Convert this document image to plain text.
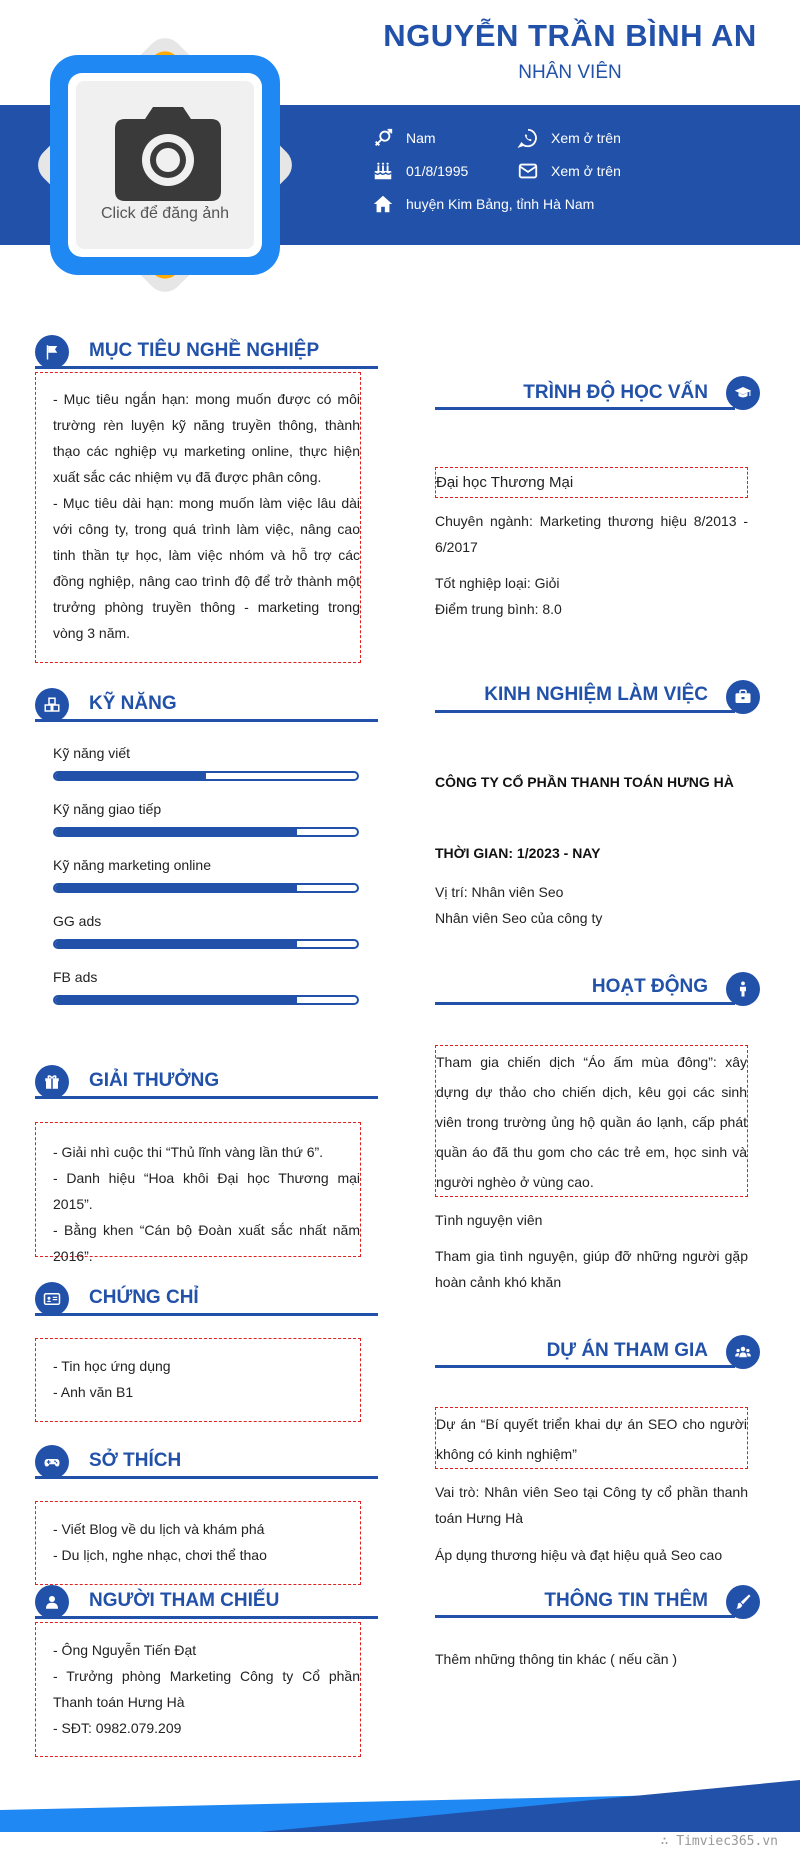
NGUYỄN TRẦN BÌNH AN
NHÂN VIÊN
Nam	Xem ở trên
01/8/1995	Xem ở trên
huyện Kim Bảng, tỉnh Hà Nam
Click để đăng ảnh
MỤC TIÊU NGHỀ NGHIỆP

- Mục tiêu ngắn hạn: mong muốn được có môi trường rèn luyện kỹ năng truyền thông, thành thạo các nghiệp vụ marketing online, thực hiện xuất sắc các nhiệm vụ đã được phân công.

- Mục tiêu dài hạn: mong muốn làm việc lâu dài với công ty, trong quá trình làm việc, nâng cao tinh thần tự học, làm việc nhóm và hỗ trợ các đồng nghiệp, nâng cao trình độ để trở thành một trưởng phòng truyền thông - marketing trong vòng 3 năm.

KỸ NĂNG
Kỹ năng viết
Kỹ năng giao tiếp
Kỹ năng marketing online
GG ads
FB ads
GIẢI THƯỞNG

- Giải nhì cuộc thi “Thủ lĩnh vàng lần thứ 6”.

- Danh hiệu “Hoa khôi Đại học Thương mại 2015”.

- Bằng khen “Cán bộ Đoàn xuất sắc nhất năm 2016”.

CHỨNG CHỈ

- Tin học ứng dụng

- Anh văn B1

SỞ THÍCH

- Viết Blog về du lịch và khám phá

- Du lịch, nghe nhạc, chơi thể thao

NGƯỜI THAM CHIẾU

- Ông Nguyễn Tiến Đạt

- Trưởng phòng Marketing Công ty Cổ phần Thanh toán Hưng Hà

- SĐT: 0982.079.209

TRÌNH ĐỘ HỌC VẤN
Đại học Thương Mại
Chuyên ngành: Marketing thương hiệu 8/2013 - 6/2017
Tốt nghiệp loại: Giỏi
Điểm trung bình: 8.0
KINH NGHIỆM LÀM VIỆC
CÔNG TY CỔ PHẦN THANH TOÁN HƯNG HÀ
THỜI GIAN: 1/2023 - NAY
Vị trí: Nhân viên Seo
Nhân viên Seo của công ty
HOẠT ĐỘNG
Tham gia chiến dịch “Áo ấm mùa đông”: xây dựng dự thảo cho chiến dịch, kêu gọi các sinh viên trong trường ủng hộ quần áo lạnh, cấp phát quần áo đã thu gom cho các trẻ em, học sinh và người nghèo ở vùng cao.
Tình nguyện viên
Tham gia tình nguyện, giúp đỡ những người gặp hoàn cảnh khó khăn
DỰ ÁN THAM GIA
Dự án “Bí quyết triển khai dự án SEO cho người không có kinh nghiệm”
Vai trò: Nhân viên Seo tại Công ty cổ phần thanh toán Hưng Hà
Áp dụng thương hiệu và đạt hiệu quả Seo cao
THÔNG TIN THÊM
Thêm những thông tin khác ( nếu cần )
∴ Timviec365.vn
